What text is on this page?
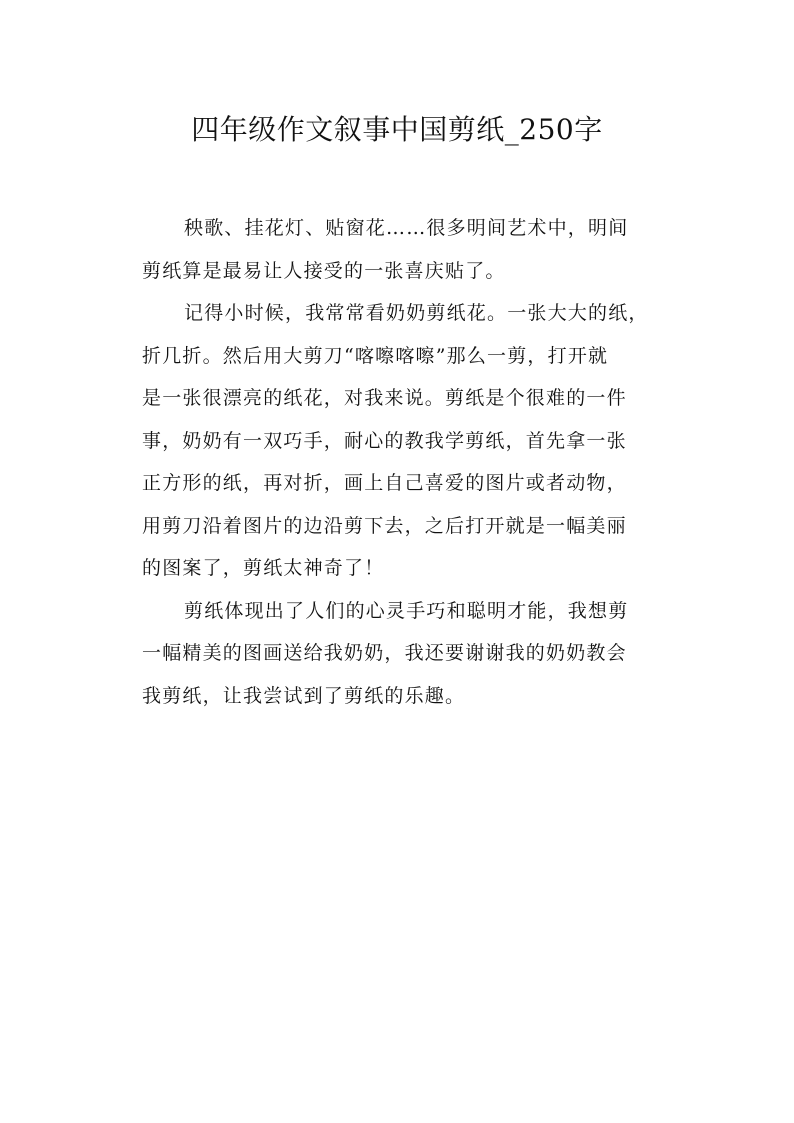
四年级作文叙事中国剪纸_250字
秧歌、挂花灯、贴窗花……很多明间艺术中，明间
剪纸算是最易让人接受的一张喜庆贴了。
记得小时候，我常常看奶奶剪纸花。一张大大的纸，
折几折。然后用大剪刀“喀嚓喀嚓”那么一剪，打开就
是一张很漂亮的纸花，对我来说。剪纸是个很难的一件
事，奶奶有一双巧手，耐心的教我学剪纸，首先拿一张
正方形的纸，再对折，画上自己喜爱的图片或者动物，
用剪刀沿着图片的边沿剪下去，之后打开就是一幅美丽
的图案了，剪纸太神奇了！
剪纸体现出了人们的心灵手巧和聪明才能，我想剪
一幅精美的图画送给我奶奶，我还要谢谢我的奶奶教会
我剪纸，让我尝试到了剪纸的乐趣。
